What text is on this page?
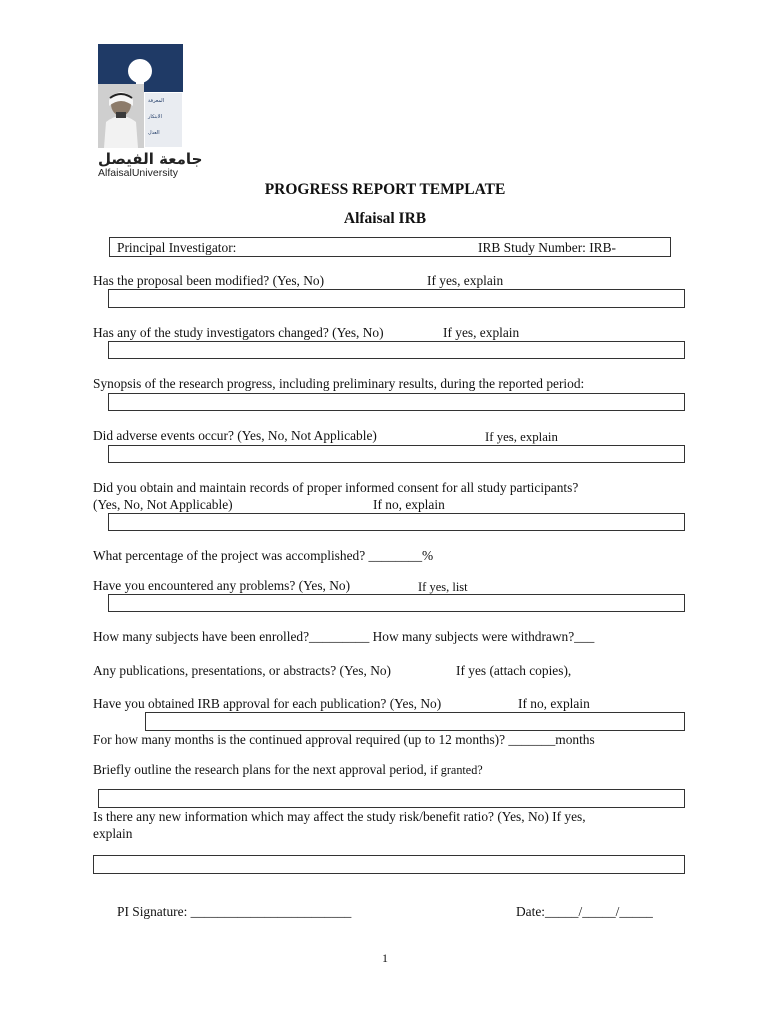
المعرفة
الابتكار
العدل
جامعة الفيصل
AlfaisalUniversity
PROGRESS REPORT TEMPLATE
Alfaisal IRB
Principal Investigator:	IRB Study Number: IRB-
Has the proposal been modified? (Yes, No)	If yes, explain
Has any of the study investigators changed? (Yes, No)	If yes, explain
Synopsis of the research progress, including preliminary results, during the reported period:
Did adverse events occur? (Yes, No, Not Applicable)	If yes, explain
Did you obtain and maintain records of proper informed consent for all study participants?
(Yes, No, Not Applicable)	If no, explain
What percentage of the project was accomplished? ________%
Have you encountered any problems? (Yes, No)	If yes, list
How many subjects have been enrolled?_________ How many subjects were withdrawn?___
Any publications, presentations, or abstracts? (Yes, No)	If yes (attach copies),
Have you obtained IRB approval for each publication? (Yes, No)	If no, explain
For how many months is the continued approval required (up to 12 months)? _______months
Briefly outline the research plans for the next approval period, if granted?
Is there any new information which may affect the study risk/benefit ratio? (Yes, No) If yes,
explain
PI Signature: ________________________	Date:_____/_____/_____
1
